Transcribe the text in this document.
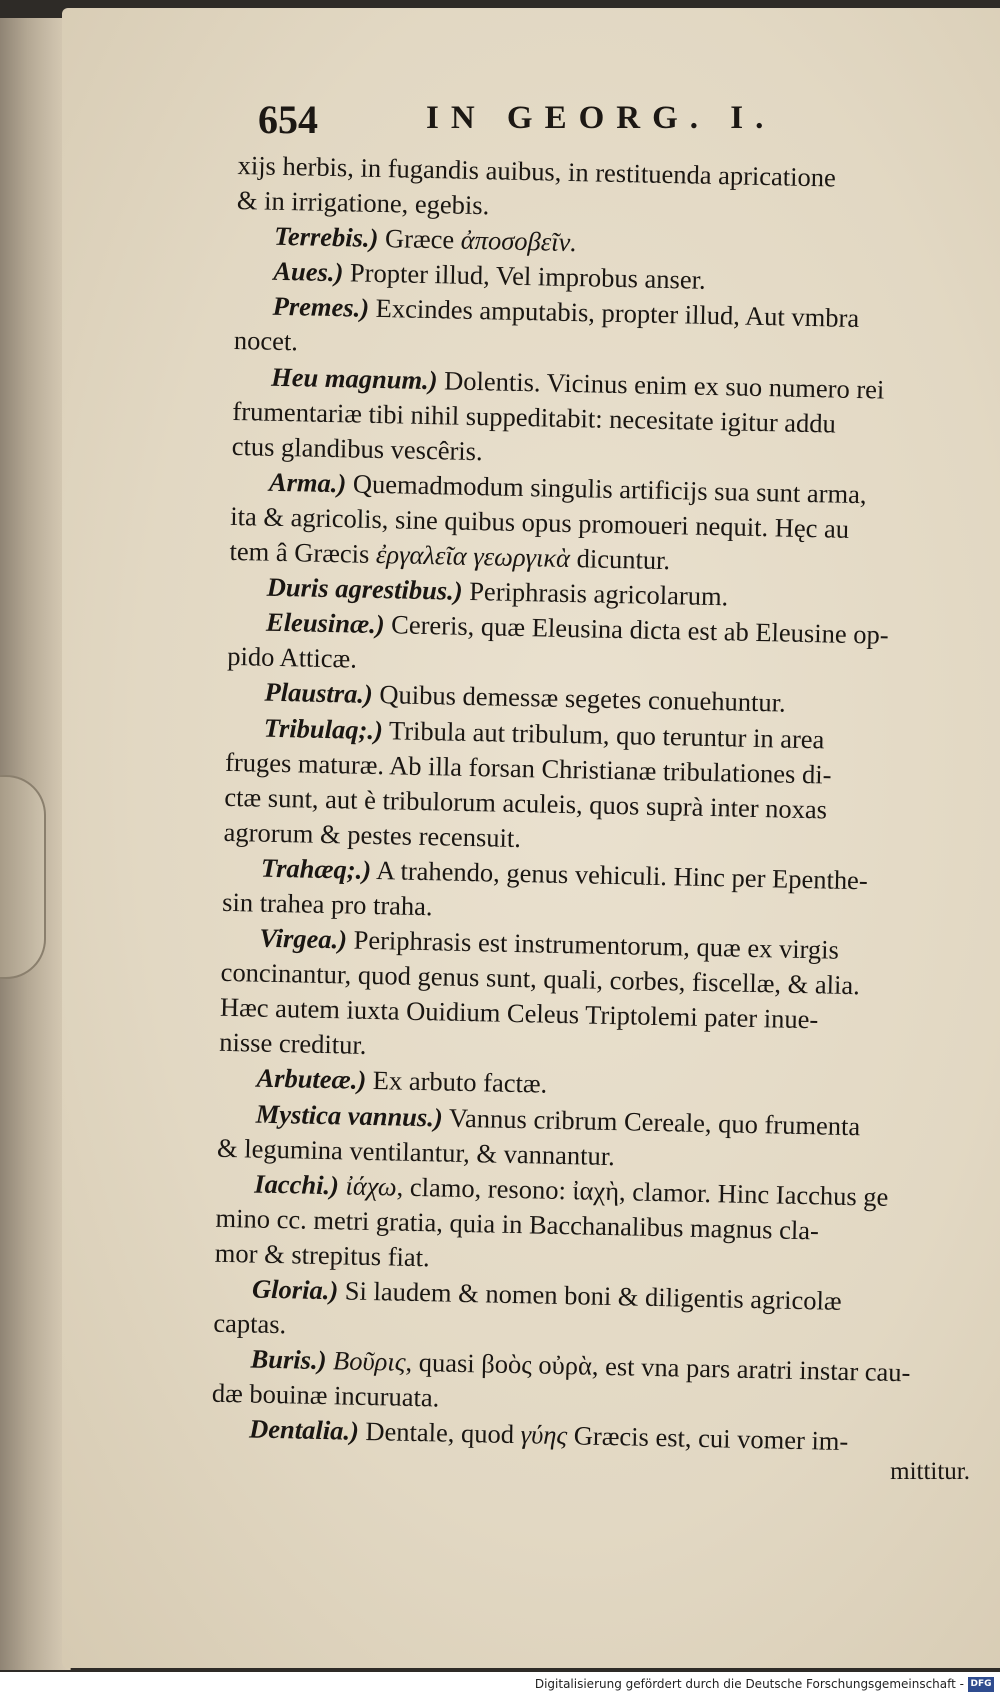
654	IN GEORG. I.
xijs herbis, in fugandis auibus, in restituenda apricatione
& in irrigatione, egebis.
Terrebis.) Græce ἀποσοβεῖν.
Aues.) Propter illud, Vel improbus anser.
Premes.) Excindes amputabis, propter illud, Aut vmbra
nocet.
Heu magnum.) Dolentis. Vicinus enim ex suo numero rei
frumentariæ tibi nihil suppeditabit: necesitate igitur addu
ctus glandibus vescêris.
Arma.) Quemadmodum singulis artificijs sua sunt arma,
ita & agricolis, sine quibus opus promoueri nequit. Hęc au
tem â Græcis ἐργαλεῖα γεωργικὰ dicuntur.
Duris agrestibus.) Periphrasis agricolarum.
Eleusinæ.) Cereris, quæ Eleusina dicta est ab Eleusine op-
pido Atticæ.
Plaustra.) Quibus demessæ segetes conuehuntur.
Tribulaq;.) Tribula aut tribulum, quo teruntur in area
fruges maturæ. Ab illa forsan Christianæ tribulationes di-
ctæ sunt, aut è tribulorum aculeis, quos suprà inter noxas
agrorum & pestes recensuit.
Trahæq;.) A trahendo, genus vehiculi. Hinc per Epenthe-
sin trahea pro traha.
Virgea.) Periphrasis est instrumentorum, quæ ex virgis
concinantur, quod genus sunt, quali, corbes, fiscellæ, & alia.
Hæc autem iuxta Ouidium Celeus Triptolemi pater inue-
nisse creditur.
Arbuteæ.) Ex arbuto factæ.
Mystica vannus.) Vannus cribrum Cereale, quo frumenta
& legumina ventilantur, & vannantur.
Iacchi.) ἰάχω, clamo, resono: ἰαχὴ, clamor. Hinc Iacchus ge
mino cc. metri gratia, quia in Bacchanalibus magnus cla-
mor & strepitus fiat.
Gloria.) Si laudem & nomen boni & diligentis agricolæ
captas.
Buris.) Βοῦρις, quasi βοὸς οὐρὰ, est vna pars aratri instar cau-
dæ bouinæ incuruata.
Dentalia.) Dentale, quod γύης Græcis est, cui vomer im-
mittitur.
Digitalisierung gefördert durch die Deutsche Forschungsgemeinschaft - DFG
